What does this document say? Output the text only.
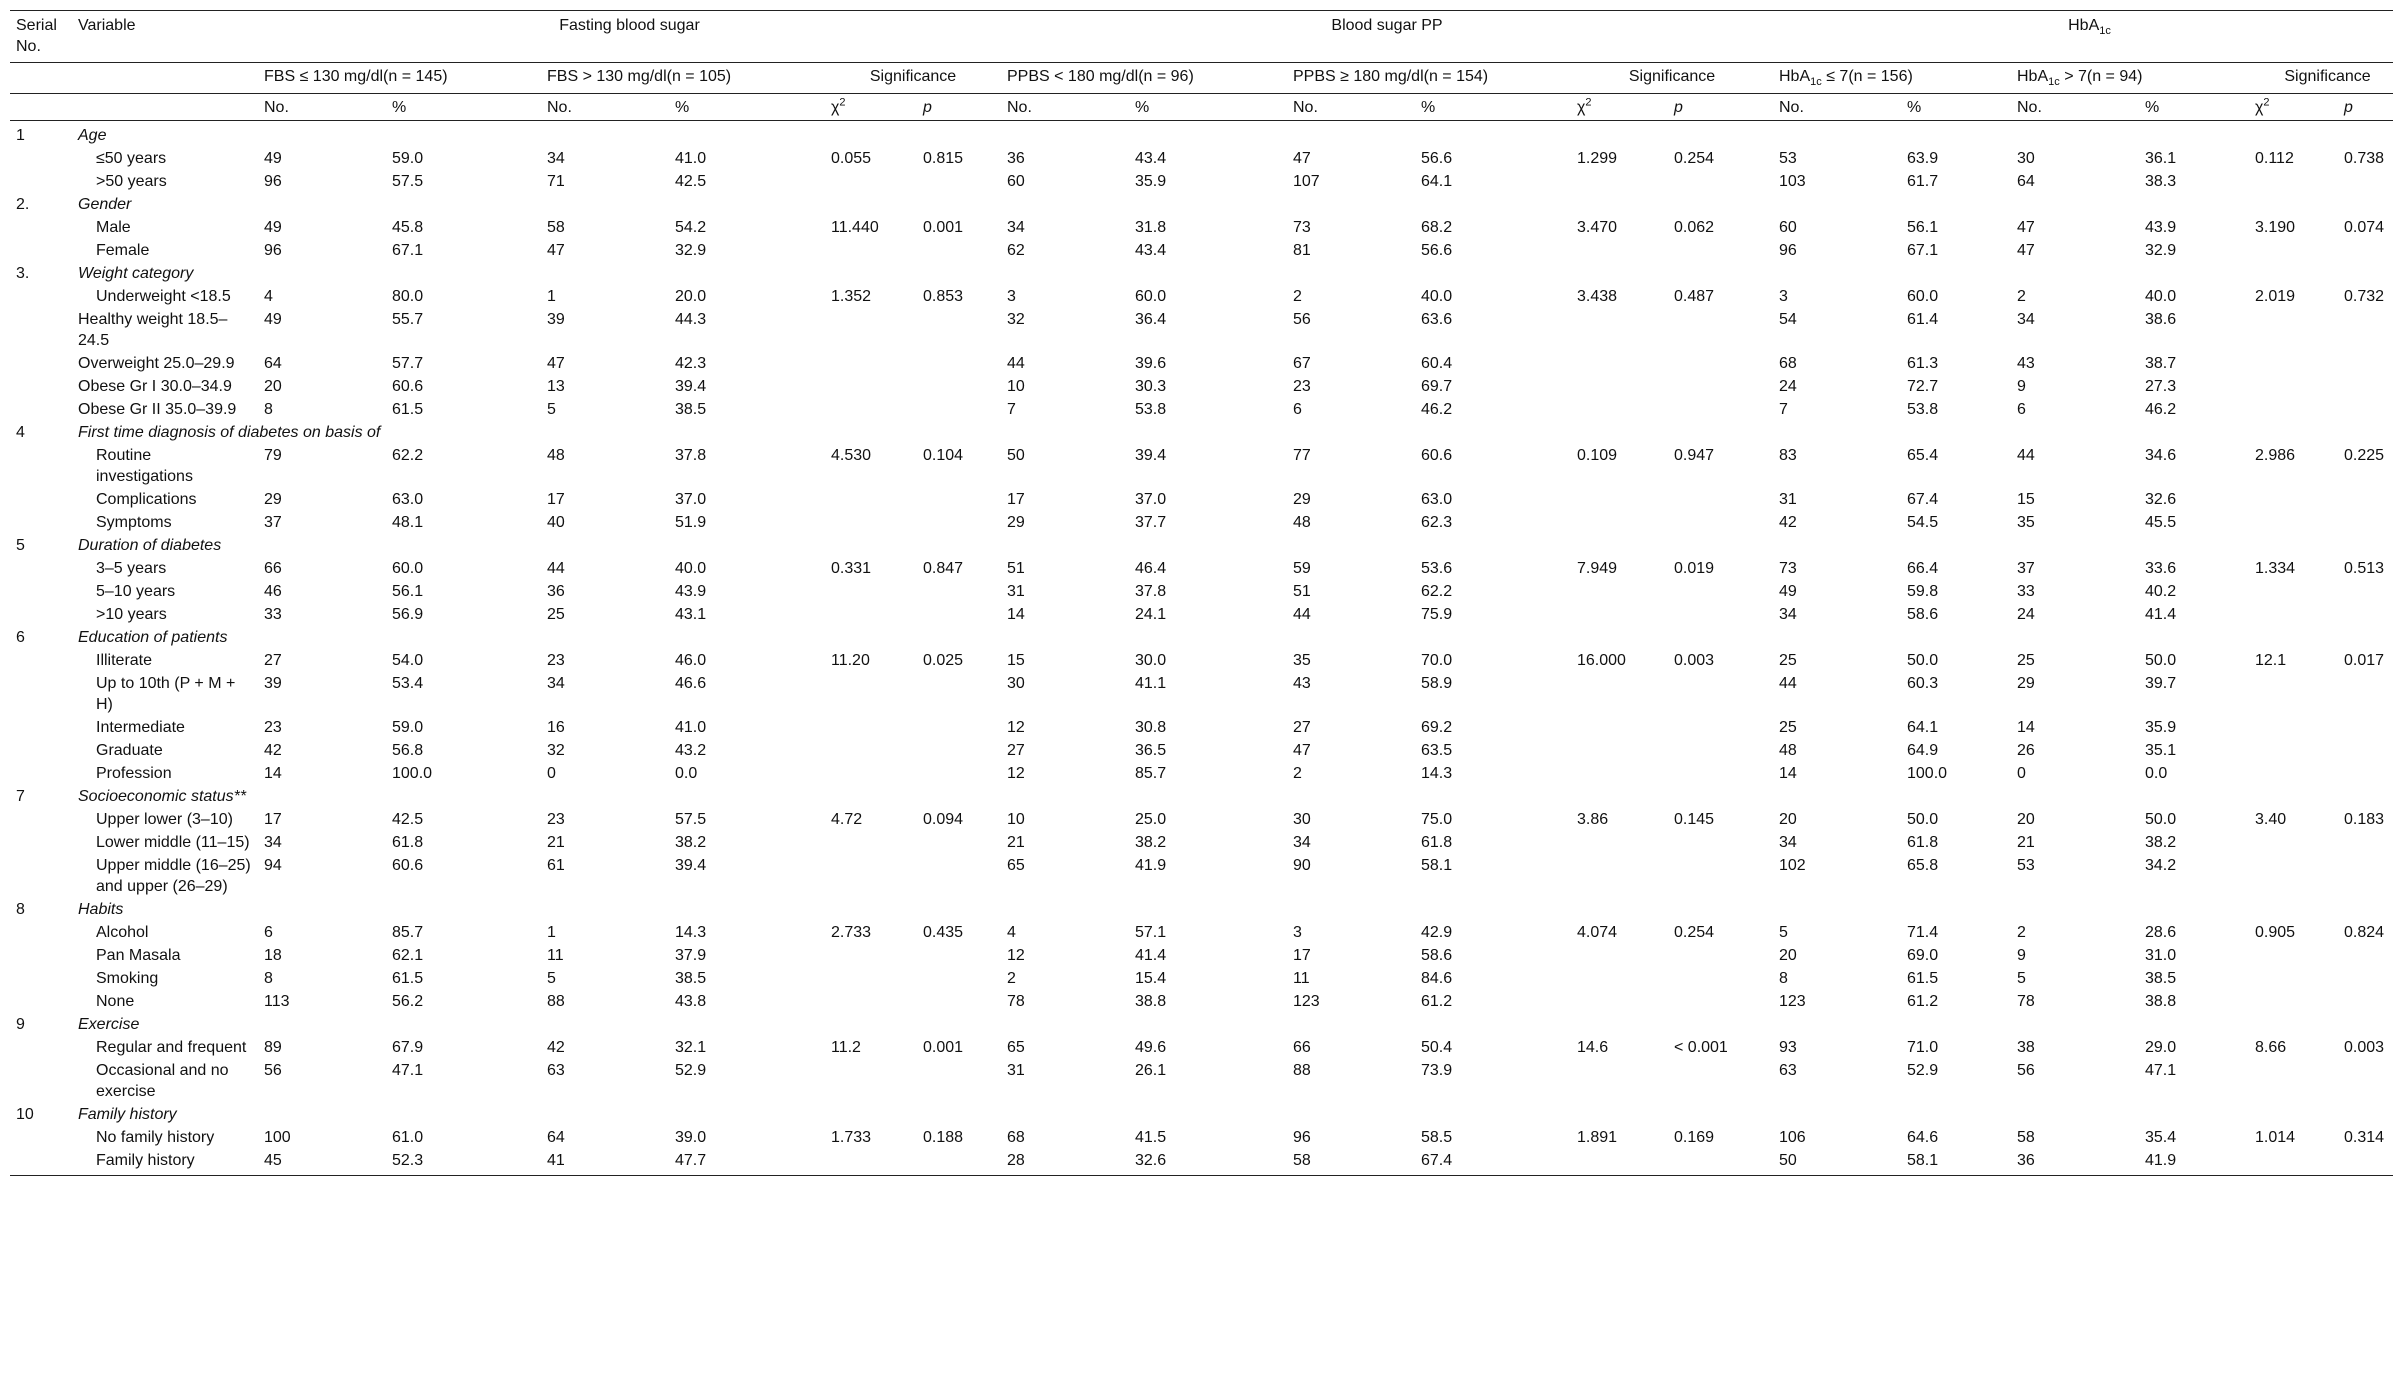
Serial No.	Variable	Fasting blood sugar						Blood sugar PP						HbA$_{1c}$
		FBS ≤ 130 mg/dl(n = 145)		FBS > 130 mg/dl(n = 105)		Significance		PPBS < 180 mg/dl(n = 96)		PPBS ≥ 180 mg/dl(n = 154)		Significance		HbA$_{1c}$ ≤ 7(n = 156)		HbA$_{1c}$ > 7(n = 94)		Significance	
		No.	%	No.	%	$\chi^2$	p	No.	%	No.	%	$\chi^2$	p	No.	%	No.	%	$\chi^2$	p
1	Age																		
	≤50 years	49	59.0	34	41.0	0.055	0.815	36	43.4	47	56.6	1.299	0.254	53	63.9	30	36.1	0.112	0.738
	>50 years	96	57.5	71	42.5			60	35.9	107	64.1			103	61.7	64	38.3		
2.	Gender																		
	Male	49	45.8	58	54.2	11.440	0.001	34	31.8	73	68.2	3.470	0.062	60	56.1	47	43.9	3.190	0.074
	Female	96	67.1	47	32.9			62	43.4	81	56.6			96	67.1	47	32.9		
3.	Weight category																		
	Underweight <18.5	4	80.0	1	20.0	1.352	0.853	3	60.0	2	40.0	3.438	0.487	3	60.0	2	40.0	2.019	0.732
	Healthy weight 18.5–24.5	49	55.7	39	44.3			32	36.4	56	63.6			54	61.4	34	38.6		
	Overweight 25.0–29.9	64	57.7	47	42.3			44	39.6	67	60.4			68	61.3	43	38.7		
	Obese Gr I 30.0–34.9	20	60.6	13	39.4			10	30.3	23	69.7			24	72.7	9	27.3		
	Obese Gr II 35.0–39.9	8	61.5	5	38.5			7	53.8	6	46.2			7	53.8	6	46.2		
4	First time diagnosis of diabetes on basis of																		
	Routine investigations	79	62.2	48	37.8	4.530	0.104	50	39.4	77	60.6	0.109	0.947	83	65.4	44	34.6	2.986	0.225
	Complications	29	63.0	17	37.0			17	37.0	29	63.0			31	67.4	15	32.6		
	Symptoms	37	48.1	40	51.9			29	37.7	48	62.3			42	54.5	35	45.5		
5	Duration of diabetes																		
	3–5 years	66	60.0	44	40.0	0.331	0.847	51	46.4	59	53.6	7.949	0.019	73	66.4	37	33.6	1.334	0.513
	5–10 years	46	56.1	36	43.9			31	37.8	51	62.2			49	59.8	33	40.2		
	>10 years	33	56.9	25	43.1			14	24.1	44	75.9			34	58.6	24	41.4		
6	Education of patients																		
	Illiterate	27	54.0	23	46.0	11.20	0.025	15	30.0	35	70.0	16.000	0.003	25	50.0	25	50.0	12.1	0.017
	Up to 10th (P + M + H)	39	53.4	34	46.6			30	41.1	43	58.9			44	60.3	29	39.7		
	Intermediate	23	59.0	16	41.0			12	30.8	27	69.2			25	64.1	14	35.9		
	Graduate	42	56.8	32	43.2			27	36.5	47	63.5			48	64.9	26	35.1		
	Profession	14	100.0	0	0.0			12	85.7	2	14.3			14	100.0	0	0.0		
7	Socioeconomic status**																		
	Upper lower (3–10)	17	42.5	23	57.5	4.72	0.094	10	25.0	30	75.0	3.86	0.145	20	50.0	20	50.0	3.40	0.183
	Lower middle (11–15)	34	61.8	21	38.2			21	38.2	34	61.8			34	61.8	21	38.2		
	Upper middle (16–25) and upper (26–29)	94	60.6	61	39.4			65	41.9	90	58.1			102	65.8	53	34.2		
8	Habits																		
	Alcohol	6	85.7	1	14.3	2.733	0.435	4	57.1	3	42.9	4.074	0.254	5	71.4	2	28.6	0.905	0.824
	Pan Masala	18	62.1	11	37.9			12	41.4	17	58.6			20	69.0	9	31.0		
	Smoking	8	61.5	5	38.5			2	15.4	11	84.6			8	61.5	5	38.5		
	None	113	56.2	88	43.8			78	38.8	123	61.2			123	61.2	78	38.8		
9	Exercise																		
	Regular and frequent	89	67.9	42	32.1	11.2	0.001	65	49.6	66	50.4	14.6	< 0.001	93	71.0	38	29.0	8.66	0.003
	Occasional and no exercise	56	47.1	63	52.9			31	26.1	88	73.9			63	52.9	56	47.1		
10	Family history																		
	No family history	100	61.0	64	39.0	1.733	0.188	68	41.5	96	58.5	1.891	0.169	106	64.6	58	35.4	1.014	0.314
	Family history	45	52.3	41	47.7			28	32.6	58	67.4			50	58.1	36	41.9		
